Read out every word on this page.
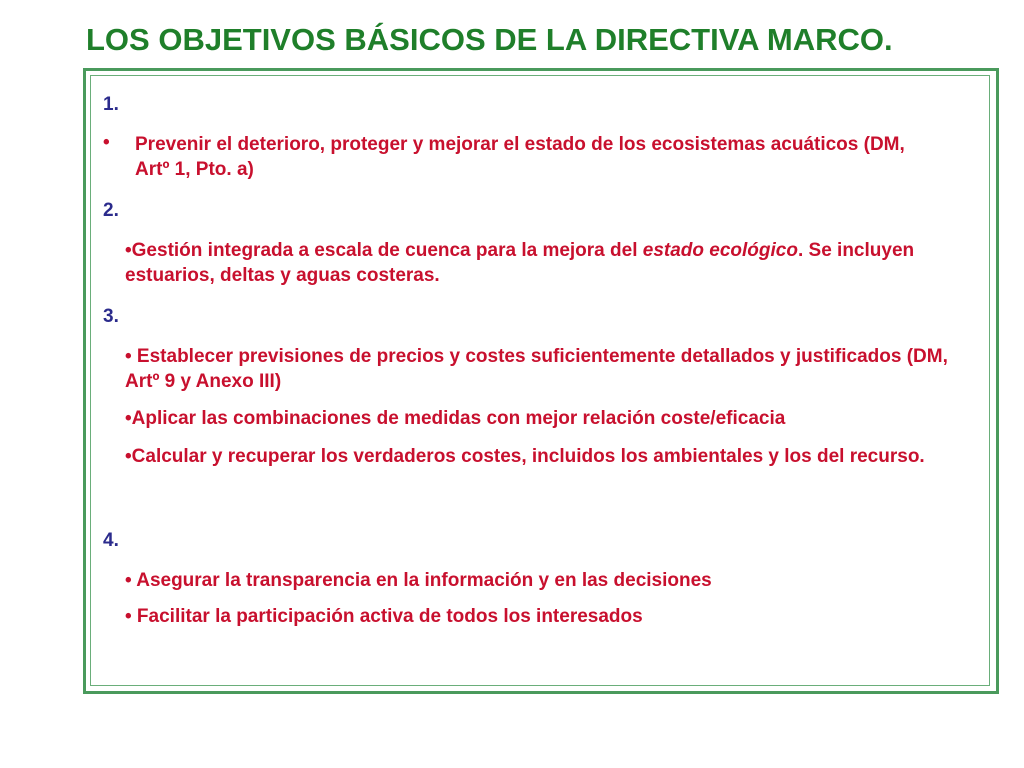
LOS OBJETIVOS BÁSICOS DE LA DIRECTIVA MARCO.
1.
• Prevenir el deterioro, proteger y mejorar el estado de los ecosistemas acuáticos (DM, Artº 1, Pto. a)
2.
•Gestión integrada a escala de cuenca para la mejora del estado ecológico. Se incluyen estuarios, deltas y aguas costeras.
3.
• Establecer previsiones de precios y costes suficientemente detallados y justificados (DM, Artº 9 y Anexo III)
•Aplicar las combinaciones de medidas con mejor relación coste/eficacia
•Calcular y recuperar los verdaderos costes, incluidos los ambientales y los del recurso.
4.
• Asegurar la transparencia en la información y en las decisiones
• Facilitar la participación activa de todos los interesados
